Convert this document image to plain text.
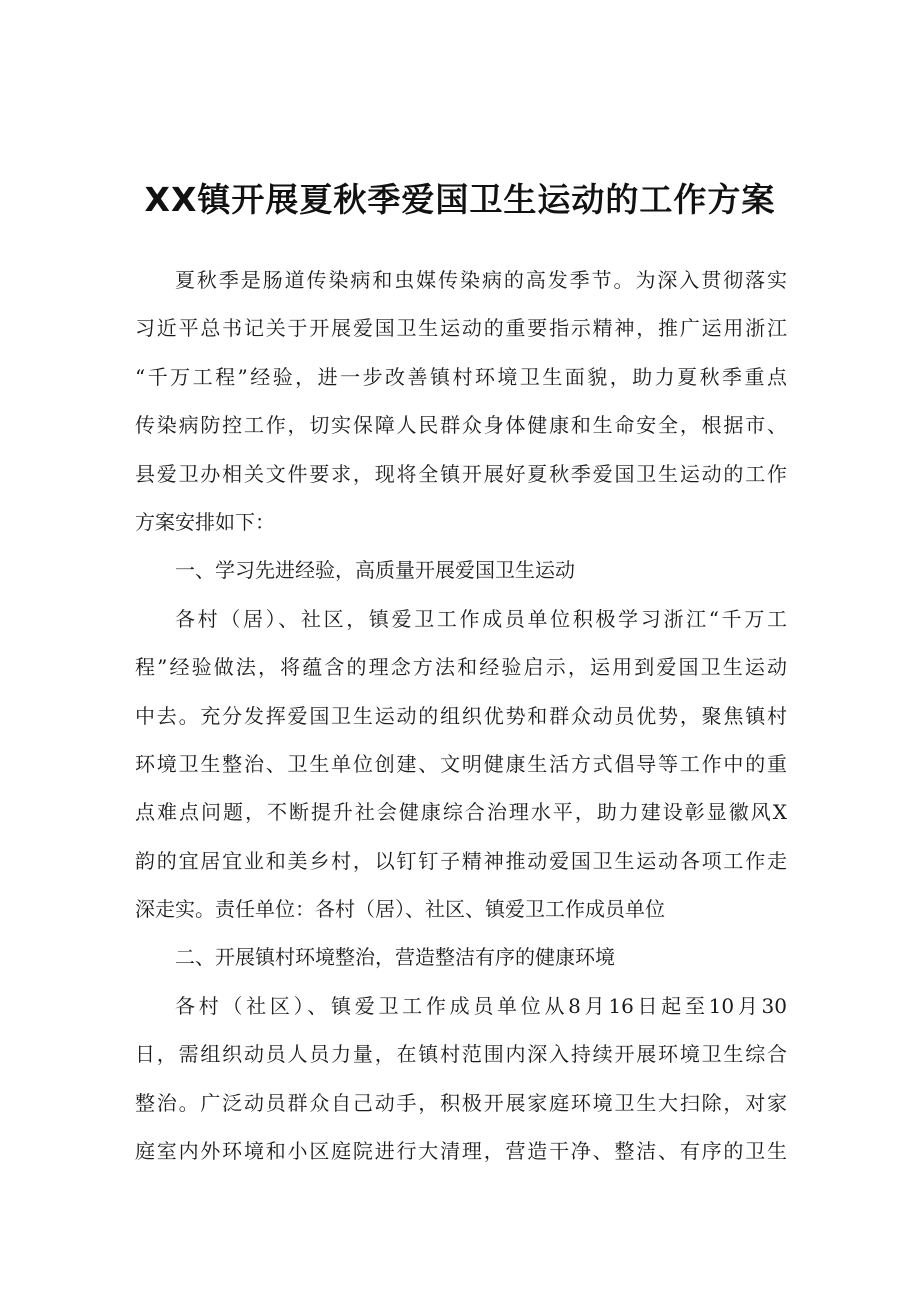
XX镇开展夏秋季爱国卫生运动的工作方案
夏秋季是肠道传染病和虫媒传染病的高发季节。为深入贯彻落实
习近平总书记关于开展爱国卫生运动的重要指示精神，推广运用浙江
“千万工程”经验，进一步改善镇村环境卫生面貌，助力夏秋季重点
传染病防控工作，切实保障人民群众身体健康和生命安全，根据市、
县爱卫办相关文件要求，现将全镇开展好夏秋季爱国卫生运动的工作
方案安排如下：
一、学习先进经验，高质量开展爱国卫生运动
各村（居）、社区，镇爱卫工作成员单位积极学习浙江“千万工
程”经验做法，将蕴含的理念方法和经验启示，运用到爱国卫生运动
中去。充分发挥爱国卫生运动的组织优势和群众动员优势，聚焦镇村
环境卫生整治、卫生单位创建、文明健康生活方式倡导等工作中的重
点难点问题，不断提升社会健康综合治理水平，助力建设彰显徽风X
韵的宜居宜业和美乡村，以钉钉子精神推动爱国卫生运动各项工作走
深走实。责任单位：各村（居）、社区、镇爱卫工作成员单位
二、开展镇村环境整治，营造整洁有序的健康环境
各村（社区）、镇爱卫工作成员单位从8月16日起至10月30
日，需组织动员人员力量，在镇村范围内深入持续开展环境卫生综合
整治。广泛动员群众自己动手，积极开展家庭环境卫生大扫除，对家
庭室内外环境和小区庭院进行大清理，营造干净、整洁、有序的卫生
